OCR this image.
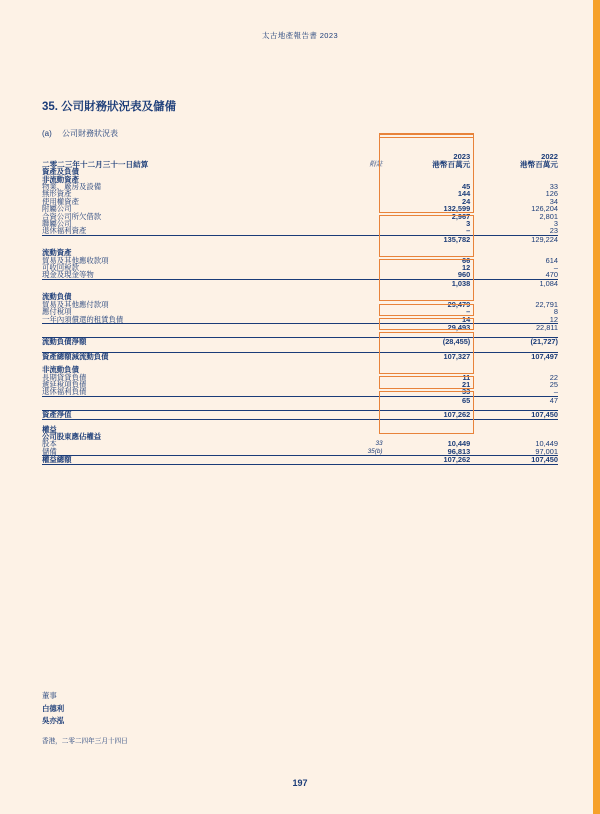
太古地產報告書 2023
35. 公司財務狀況表及儲備

(a) 公司財務狀況表

		2023	2022
二零二三年十二月三十一日結算	附註	港幣百萬元	港幣百萬元
資產及負債			
非流動資產			
物業、廠房及設備		45	33
無形資產		144	126
使用權資產		24	34
附屬公司		132,599	126,204
合資公司所欠借款		2,967	2,801
聯屬公司		3	3
退休福利資產		–	23
		135,782	129,224

流動資產			
貿易及其他應收款項		66	614
可收回稅款		12	–
現金及現金等物		960	470
		1,038	1,084

流動負債			
貿易及其他應付款項		29,479	22,791
應付稅項		–	8
一年內須償還的租賃負債		14	12
		29,493	22,811

流動負債淨額		(28,455)	(21,727)

資產總額減流動負債		107,327	107,497

非流動負債			
長期貸貸負債		11	22
遞延稅項負債		21	25
退休福利負債		33	–
		65	47

資產淨值		107,262	107,450

權益			
公司股東應佔權益			
股本	33	10,449	10,449
儲備	35(b)	96,813	97,001
權益總額		107,262	107,450
董事
白德利
吳亦泓
香港，二零二四年三月十四日
197
